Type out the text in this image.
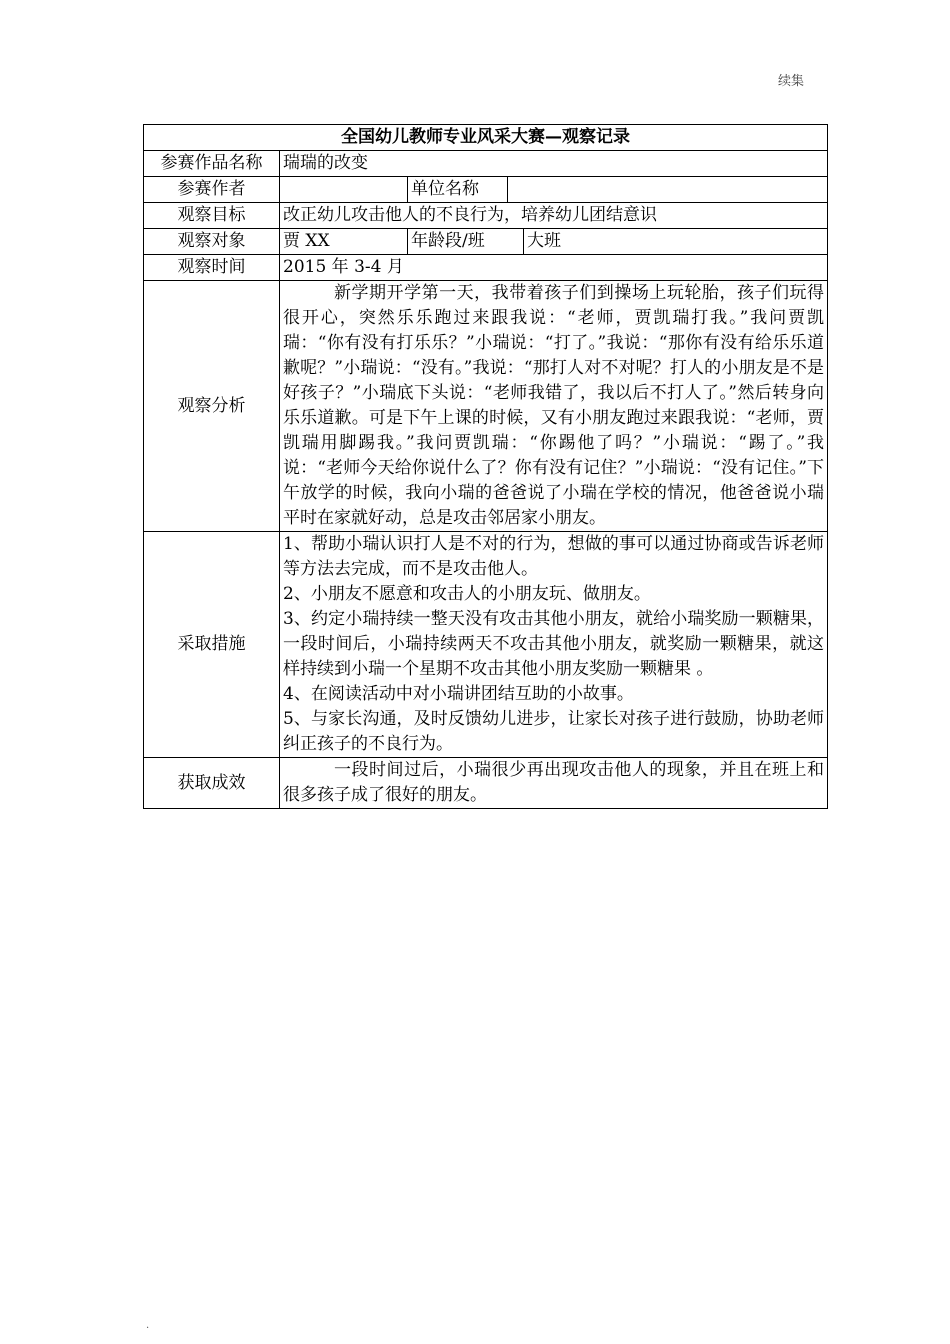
续集
全国幼儿教师专业风采大赛—观察记录				
参赛作品名称	瑞瑞的改变			
参赛作者		单位名称		
观察目标	改正幼儿攻击他人的不良行为，培养幼儿团结意识			
观察对象	贾 XX	年龄段/班		大班
观察时间	2015 年 3-4 月			
观察分析	新学期开学第一天，我带着孩子们到操场上玩轮胎，孩子们玩得很开心，突然乐乐跑过来跟我说：“老师，贾凯瑞打我。”我问贾凯瑞：“你有没有打乐乐？”小瑞说：“打了。”我说：“那你有没有给乐乐道歉呢？”小瑞说：“没有。”我说：“那打人对不对呢？打人的小朋友是不是好孩子？”小瑞底下头说：“老师我错了，我以后不打人了。”然后转身向乐乐道歉。可是下午上课的时候，又有小朋友跑过来跟我说：“老师，贾凯瑞用脚踢我。”我问贾凯瑞：“你踢他了吗？”小瑞说：“踢了。”我说：“老师今天给你说什么了？你有没有记住？”小瑞说：“没有记住。”下午放学的时候，我向小瑞的爸爸说了小瑞在学校的情况，他爸爸说小瑞平时在家就好动，总是攻击邻居家小朋友。			

采取措施	1、帮助小瑞认识打人是不对的行为，想做的事可以通过协商或告诉老师等方法去完成，而不是攻击他人。
2、小朋友不愿意和攻击人的小朋友玩、做朋友。
3、约定小瑞持续一整天没有攻击其他小朋友，就给小瑞奖励一颗糖果，一段时间后，小瑞持续两天不攻击其他小朋友，就奖励一颗糖果，就这样持续到小瑞一个星期不攻击其他小朋友奖励一颗糖果 。
4、在阅读活动中对小瑞讲团结互助的小故事。
5、与家长沟通，及时反馈幼儿进步，让家长对孩子进行鼓励，协助老师纠正孩子的不良行为。			

获取成效	一段时间过后，小瑞很少再出现攻击他人的现象，并且在班上和很多孩子成了很好的朋友。			
.
